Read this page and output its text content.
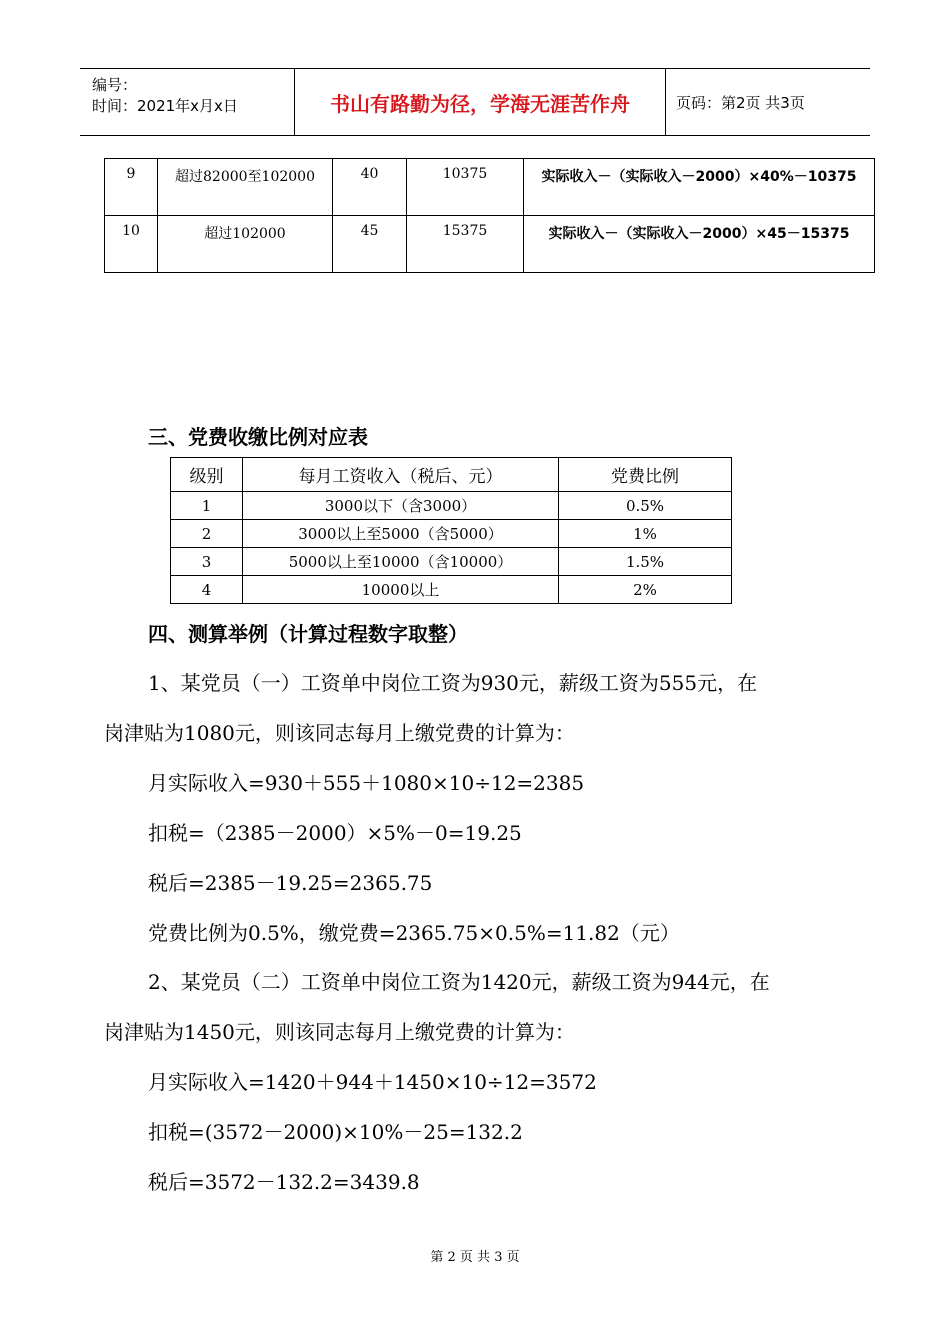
编号：
时间：2021年x月x日	书山有路勤为径，学海无涯苦作舟	页码：第2页 共3页
9	超过82000至102000	40	10375	实际收入－（实际收入－2000）×40%－10375
10	超过102000	45	15375	实际收入－（实际收入－2000）×45－15375
三、党费收缴比例对应表
级别	每月工资收入（税后、元）	党费比例
1	3000以下（含3000）	0.5%
2	3000以上至5000（含5000）	1%
3	5000以上至10000（含10000）	1.5%
4	10000以上	2%
四、测算举例（计算过程数字取整）
1、某党员（一）工资单中岗位工资为930元，薪级工资为555元，在
岗津贴为1080元，则该同志每月上缴党费的计算为：
月实际收入=930＋555＋1080×10÷12=2385
扣税=（2385－2000）×5%－0=19.25
税后=2385－19.25=2365.75
党费比例为0.5%，缴党费=2365.75×0.5%=11.82（元）
2、某党员（二）工资单中岗位工资为1420元，薪级工资为944元，在
岗津贴为1450元，则该同志每月上缴党费的计算为：
月实际收入=1420＋944＋1450×10÷12=3572
扣税=(3572－2000)×10%－25=132.2
税后=3572－132.2=3439.8
第 2 页 共 3 页
